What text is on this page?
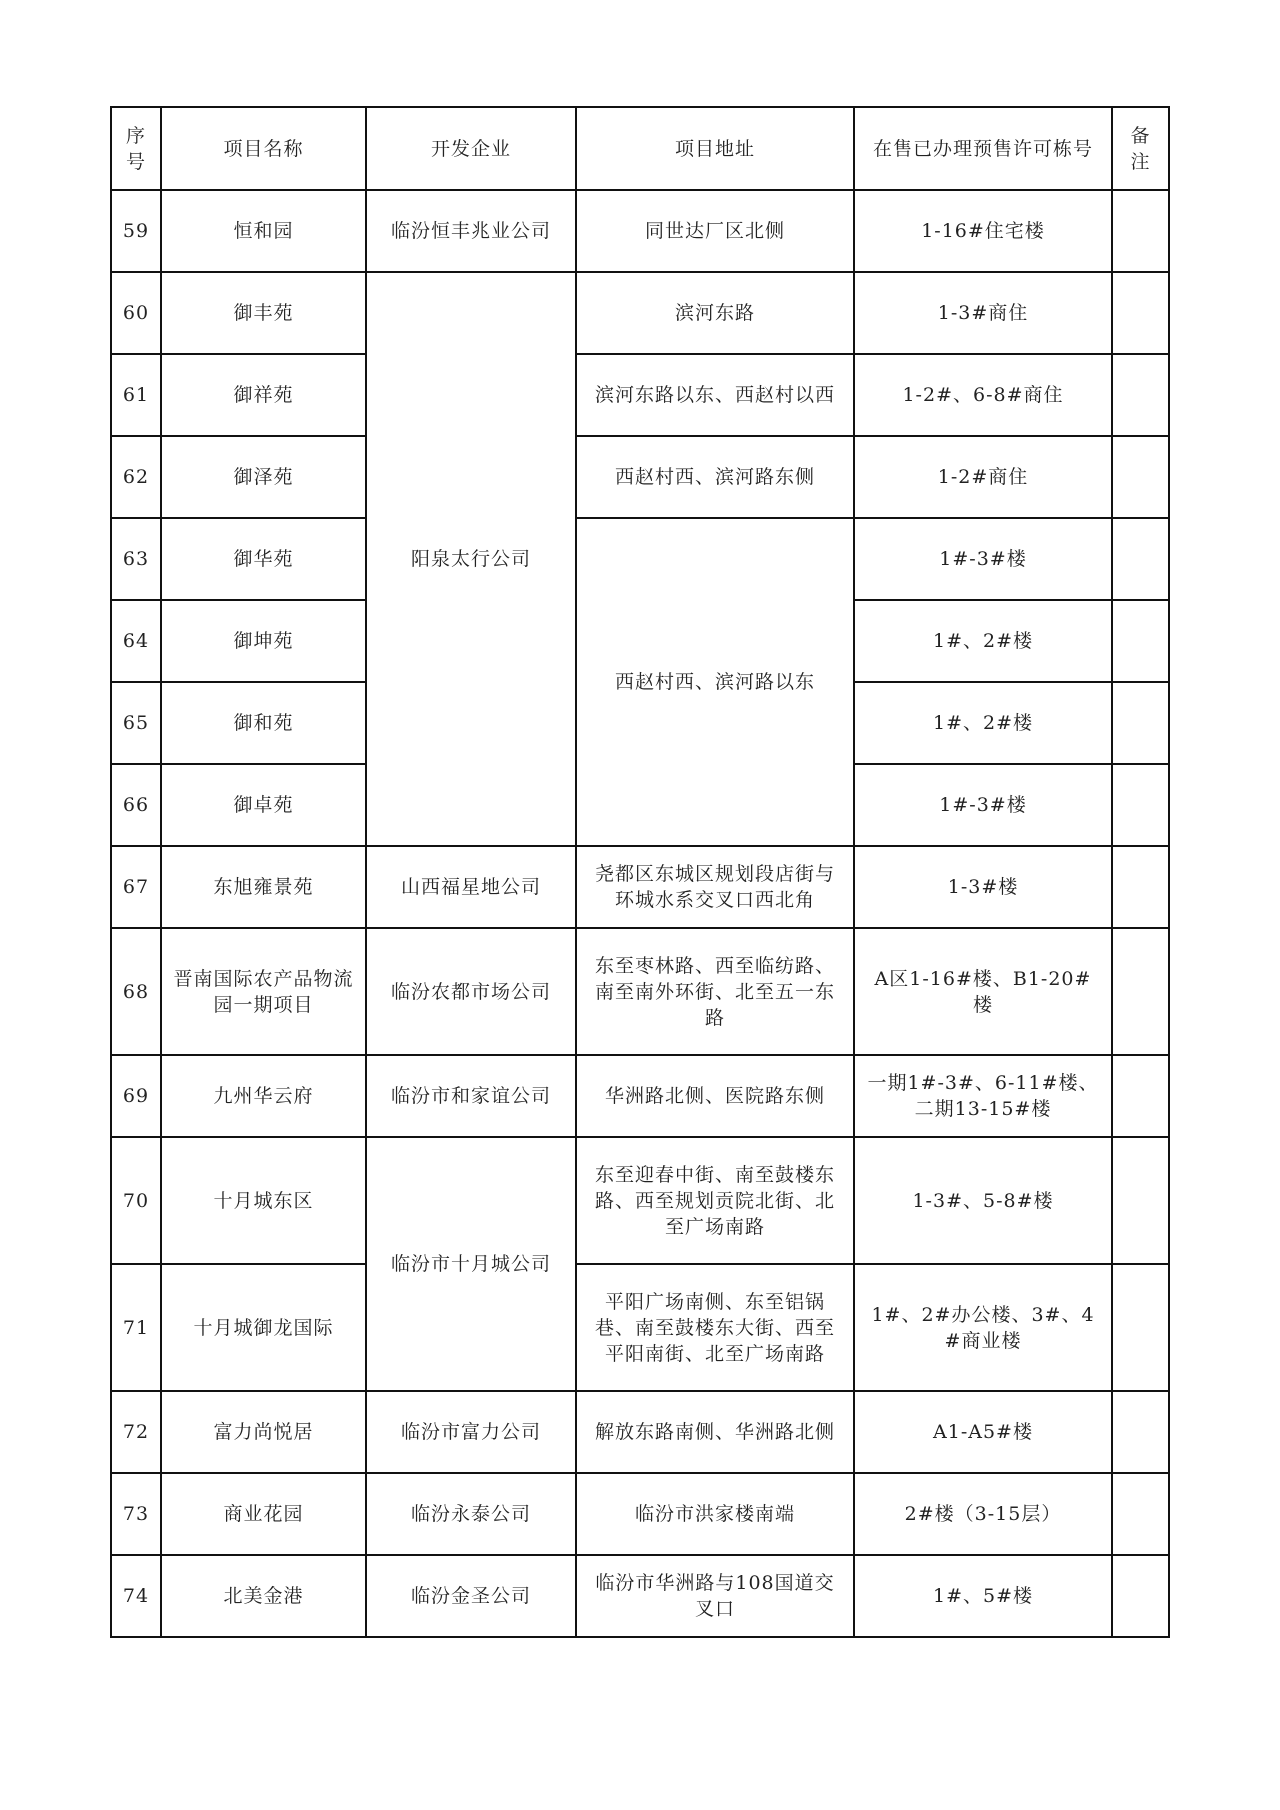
序号	项目名称	开发企业	项目地址	在售已办理预售许可栋号	备注
59	恒和园	临汾恒丰兆业公司	同世达厂区北侧	1-16#住宅楼	
60	御丰苑	阳泉太行公司	滨河东路	1-3#商住	
61	御祥苑		滨河东路以东、西赵村以西	1-2#、6-8#商住	
62	御泽苑		西赵村西、滨河路东侧	1-2#商住	
63	御华苑		西赵村西、滨河路以东	1#-3#楼	
64	御坤苑			1#、2#楼	
65	御和苑			1#、2#楼	
66	御卓苑			1#-3#楼	
67	东旭雍景苑	山西福星地公司	尧都区东城区规划段店街与环城水系交叉口西北角	1-3#楼	
68	晋南国际农产品物流园一期项目	临汾农都市场公司	东至枣林路、西至临纺路、南至南外环街、北至五一东路	A区1-16#楼、B1-20#楼	
69	九州华云府	临汾市和家谊公司	华洲路北侧、医院路东侧	一期1#-3#、6-11#楼、二期13-15#楼	
70	十月城东区	临汾市十月城公司	东至迎春中街、南至鼓楼东路、西至规划贡院北街、北至广场南路	1-3#、5-8#楼	
71	十月城御龙国际		平阳广场南侧、东至铝锅巷、南至鼓楼东大街、西至平阳南街、北至广场南路	1#、2#办公楼、3#、4#商业楼	
72	富力尚悦居	临汾市富力公司	解放东路南侧、华洲路北侧	A1-A5#楼	
73	商业花园	临汾永泰公司	临汾市洪家楼南端	2#楼（3-15层）	
74	北美金港	临汾金圣公司	临汾市华洲路与108国道交叉口	1#、5#楼	
